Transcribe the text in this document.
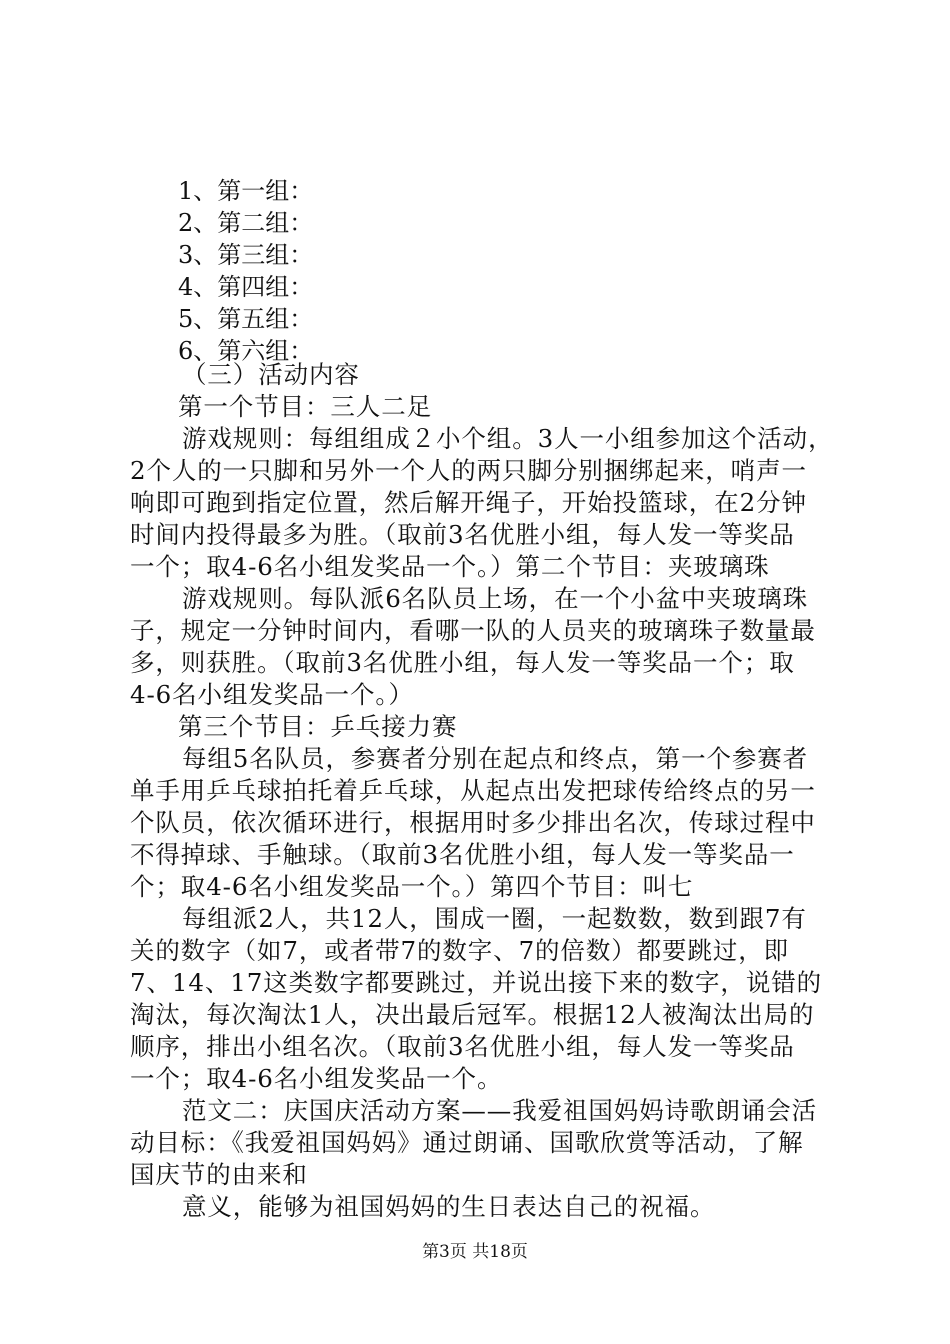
1、第一组：
2、第二组：
3、第三组：
4、第四组：
5、第五组：
6、第六组：
（三）活动内容
第一个节目：三人二足
游戏规则：每组组成２小个组。3人一小组参加这个活动，
2个人的一只脚和另外一个人的两只脚分别捆绑起来，哨声一
响即可跑到指定位置，然后解开绳子，开始投篮球，在2分钟
时间内投得最多为胜。（取前3名优胜小组，每人发一等奖品
一个；取4-6名小组发奖品一个。）第二个节目：夹玻璃珠
游戏规则。每队派6名队员上场，在一个小盆中夹玻璃珠
子，规定一分钟时间内，看哪一队的人员夹的玻璃珠子数量最
多，则获胜。（取前3名优胜小组，每人发一等奖品一个；取
4-6名小组发奖品一个。）
第三个节目：乒乓接力赛
每组5名队员，参赛者分别在起点和终点，第一个参赛者
单手用乒乓球拍托着乒乓球，从起点出发把球传给终点的另一
个队员，依次循环进行，根据用时多少排出名次，传球过程中
不得掉球、手触球。（取前3名优胜小组，每人发一等奖品一
个；取4-6名小组发奖品一个。）第四个节目：叫七
每组派2人，共12人，围成一圈，一起数数，数到跟7有
关的数字（如7，或者带7的数字、7的倍数）都要跳过，即
7、14、17这类数字都要跳过，并说出接下来的数字，说错的
淘汰，每次淘汰1人，决出最后冠军。根据12人被淘汰出局的
顺序，排出小组名次。（取前3名优胜小组，每人发一等奖品
一个；取4-6名小组发奖品一个。
范文二：庆国庆活动方案——我爱祖国妈妈诗歌朗诵会活
动目标：《我爱祖国妈妈》通过朗诵、国歌欣赏等活动，了解
国庆节的由来和
意义，能够为祖国妈妈的生日表达自己的祝福。
第3页 共18页
